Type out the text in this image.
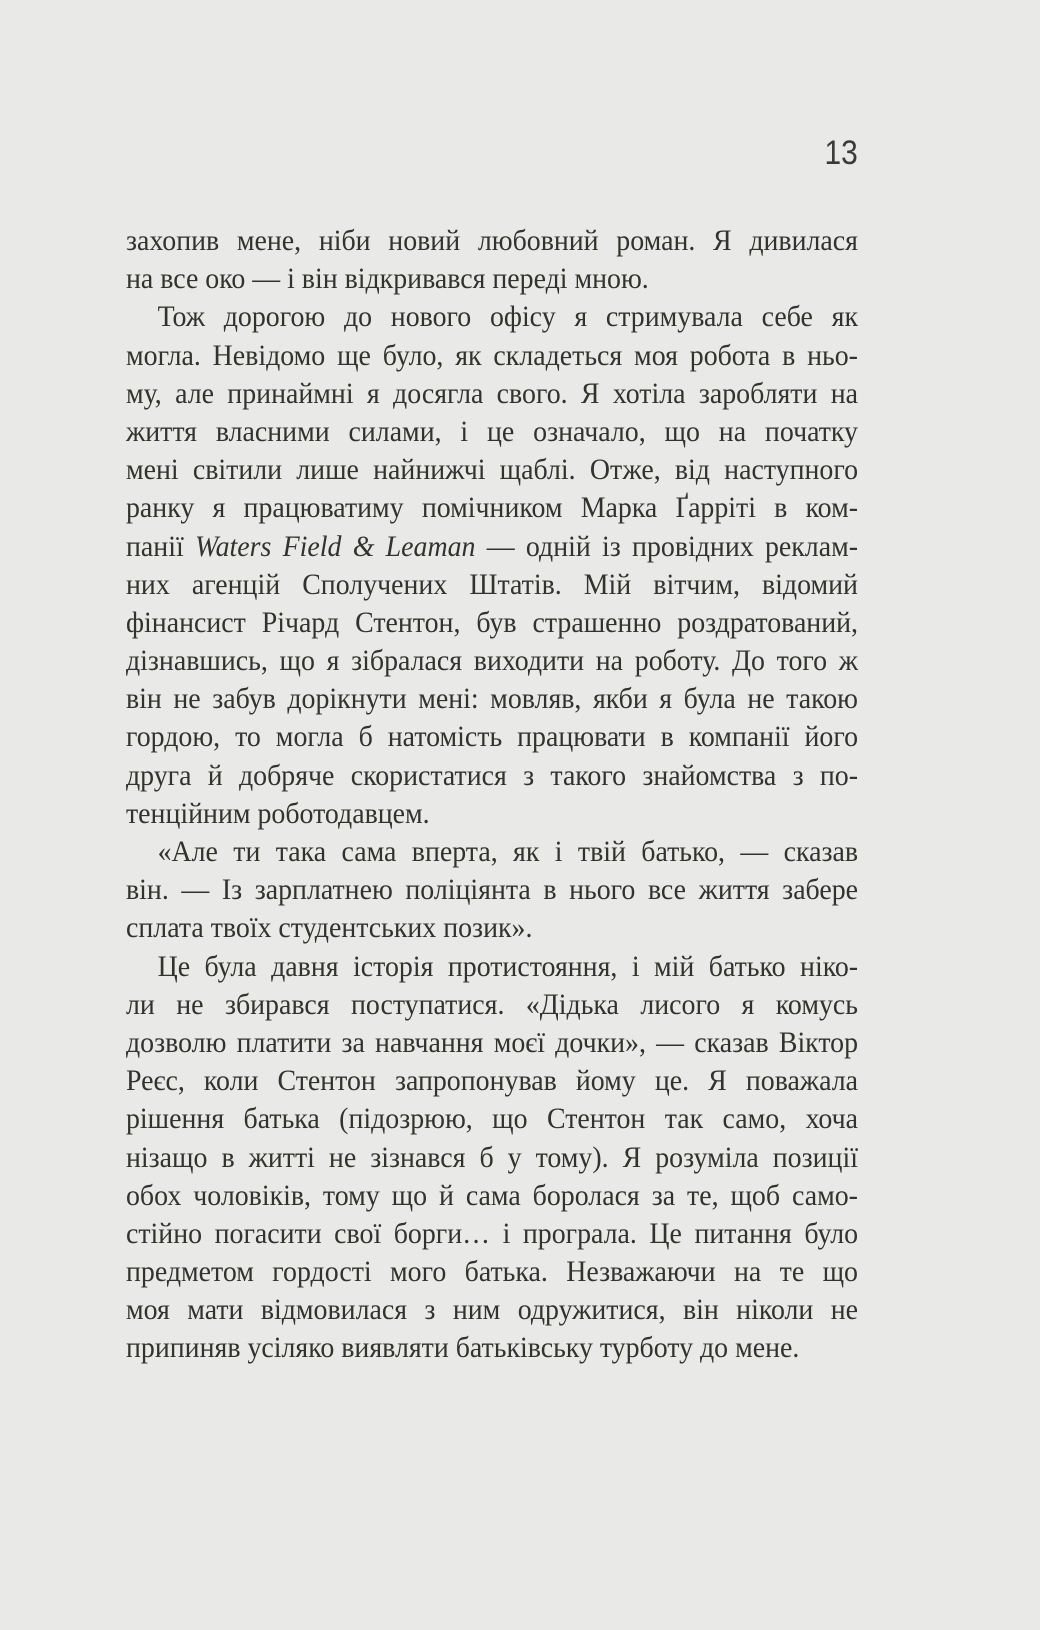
13
захопив мене, ніби новий любовний роман. Я дивилася
на все око — і він відкривався переді мною.
Тож дорогою до нового офісу я стримувала себе як
могла. Невідомо ще було, як складеться моя робота в ньо-
му, але принаймні я досягла свого. Я хотіла заробляти на
життя власними силами, і це означало, що на початку
мені світили лише найнижчі щаблі. Отже, від наступного
ранку я працюватиму помічником Марка Ґарріті в ком-
панії Waters Field & Leaman — одній із провідних реклам-
них агенцій Сполучених Штатів. Мій вітчим, відомий
фінансист Річард Стентон, був страшенно роздратований,
дізнавшись, що я зібралася виходити на роботу. До того ж
він не забув дорікнути мені: мовляв, якби я була не такою
гордою, то могла б натомість працювати в компанії його
друга й добряче скористатися з такого знайомства з по-
тенційним роботодавцем.
«Але ти така сама вперта, як і твій батько, — сказав
він. — Із зарплатнею поліціянта в нього все життя забере
сплата твоїх студентських позик».
Це була давня історія протистояння, і мій батько ніко-
ли не збирався поступатися. «Дідька лисого я комусь
дозволю платити за навчання моєї дочки», — сказав Віктор
Реєс, коли Стентон запропонував йому це. Я поважала
рішення батька (підозрюю, що Стентон так само, хоча
нізащо в житті не зізнався б у тому). Я розуміла позиції
обох чоловіків, тому що й сама боролася за те, щоб само-
стійно погасити свої борги… і програла. Це питання було
предметом гордості мого батька. Незважаючи на те що
моя мати відмовилася з ним одружитися, він ніколи не
припиняв усіляко виявляти батьківську турботу до мене.
